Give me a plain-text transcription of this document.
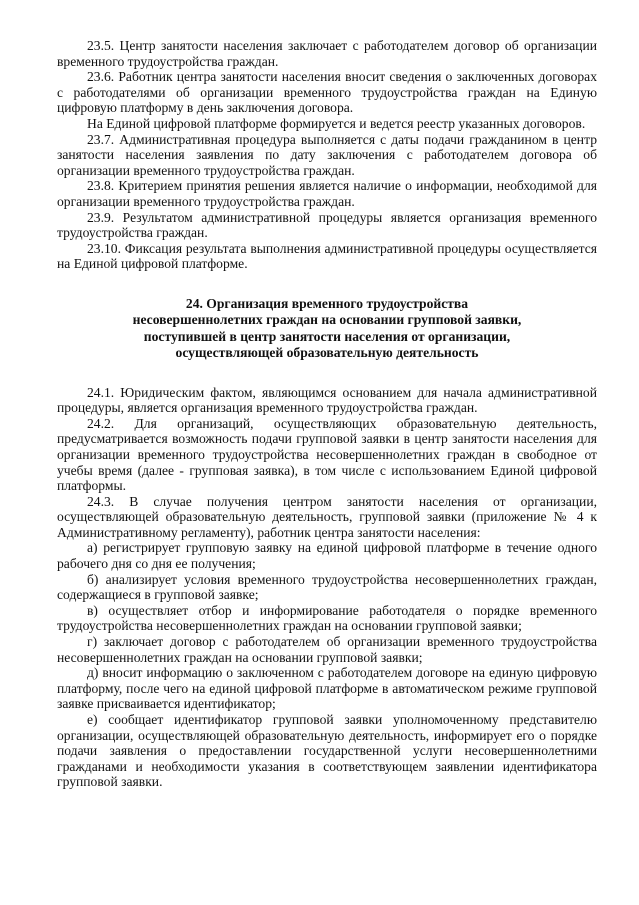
23.5. Центр занятости населения заключает с работодателем договор об организации временного трудоустройства граждан.

23.6. Работник центра занятости населения вносит сведения о заключенных договорах с работодателями об организации временного трудоустройства граждан на Единую цифровую платформу в день заключения договора.

На Единой цифровой платформе формируется и ведется реестр указанных договоров.

23.7. Административная процедура выполняется с даты подачи гражданином в центр занятости населения заявления по дату заключения с работодателем договора об организации временного трудоустройства граждан.

23.8. Критерием принятия решения является наличие о информации, необходимой для организации временного трудоустройства граждан.

23.9. Результатом административной процедуры является организация временного трудоустройства граждан.

23.10. Фиксация результата выполнения административной процедуры осуществляется на Единой цифровой платформе.

24. Организация временного трудоустройства
несовершеннолетних граждан на основании групповой заявки,
поступившей в центр занятости населения от организации,
осуществляющей образовательную деятельность

24.1. Юридическим фактом, являющимся основанием для начала административной процедуры, является организация временного трудоустройства граждан.

24.2. Для организаций, осуществляющих образовательную деятельность, предусматривается возможность подачи групповой заявки в центр занятости населения для организации временного трудоустройства несовершеннолетних граждан в свободное от учебы время (далее - групповая заявка), в том числе с использованием Единой цифровой платформы.

24.3. В случае получения центром занятости населения от организации, осуществляющей образовательную деятельность, групповой заявки (приложение № 4 к Административному регламенту), работник центра занятости населения:

а) регистрирует групповую заявку на единой цифровой платформе в течение одного рабочего дня со дня ее получения;

б) анализирует условия временного трудоустройства несовершеннолетних граждан, содержащиеся в групповой заявке;

в) осуществляет отбор и информирование работодателя о порядке временного трудоустройства несовершеннолетних граждан на основании групповой заявки;

г) заключает договор с работодателем об организации временного трудоустройства несовершеннолетних граждан на основании групповой заявки;

д) вносит информацию о заключенном с работодателем договоре на единую цифровую платформу, после чего на единой цифровой платформе в автоматическом режиме групповой заявке присваивается идентификатор;

е) сообщает идентификатор групповой заявки уполномоченному представителю организации, осуществляющей образовательную деятельность, информирует его о порядке подачи заявления о предоставлении государственной услуги несовершеннолетними гражданами и необходимости указания в соответствующем заявлении идентификатора групповой заявки.
